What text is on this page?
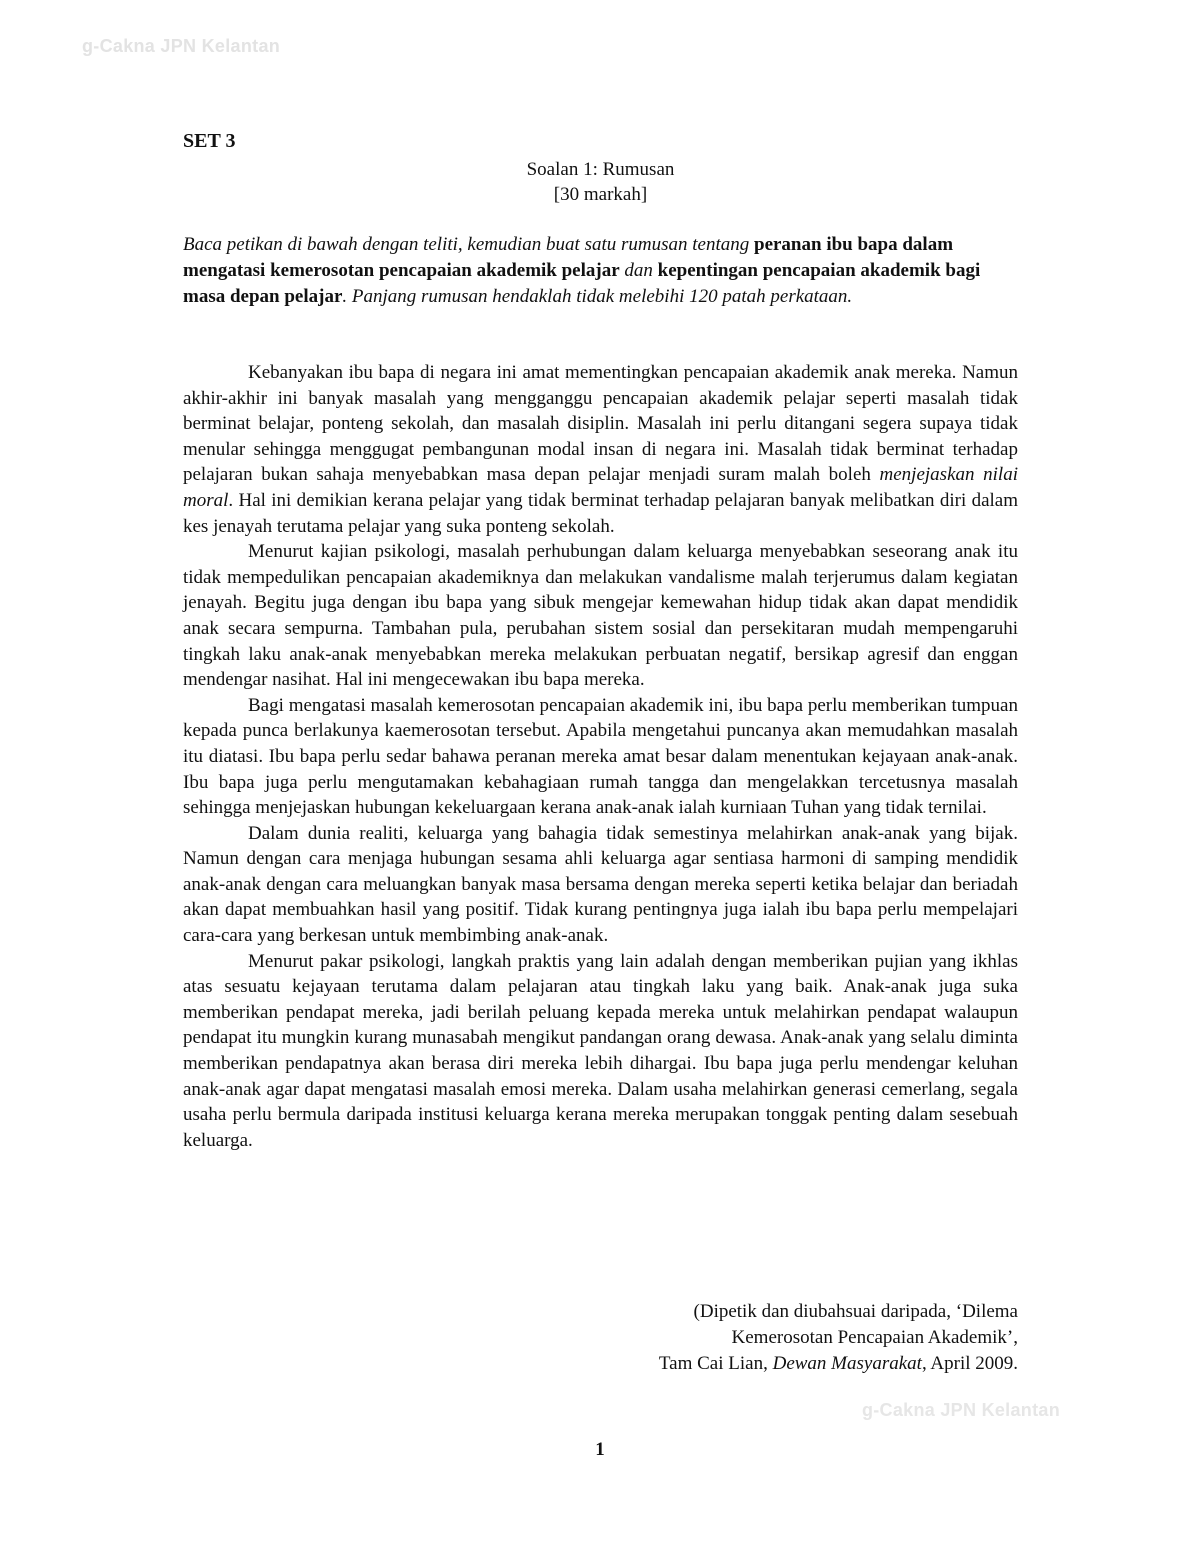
g-Cakna JPN Kelantan
SET 3
Soalan 1: Rumusan
[30 markah]
Baca petikan di bawah dengan teliti, kemudian buat satu rumusan tentang peranan ibu bapa dalam mengatasi kemerosotan pencapaian akademik pelajar dan kepentingan pencapaian akademik bagi masa depan pelajar. Panjang rumusan hendaklah tidak melebihi 120 patah perkataan.

Kebanyakan ibu bapa di negara ini amat mementingkan pencapaian akademik anak mereka. Namun akhir-akhir ini banyak masalah yang mengganggu pencapaian akademik pelajar seperti masalah tidak berminat belajar, ponteng sekolah, dan masalah disiplin. Masalah ini perlu ditangani segera supaya tidak menular sehingga menggugat pembangunan modal insan di negara ini. Masalah tidak berminat terhadap pelajaran bukan sahaja menyebabkan masa depan pelajar menjadi suram malah boleh menjejaskan nilai moral. Hal ini demikian kerana pelajar yang tidak berminat terhadap pelajaran banyak melibatkan diri dalam kes jenayah terutama pelajar yang suka ponteng sekolah.

Menurut kajian psikologi, masalah perhubungan dalam keluarga menyebabkan seseorang anak itu tidak mempedulikan pencapaian akademiknya dan melakukan vandalisme malah terjerumus dalam kegiatan jenayah. Begitu juga dengan ibu bapa yang sibuk mengejar kemewahan hidup tidak akan dapat mendidik anak secara sempurna. Tambahan pula, perubahan sistem sosial dan persekitaran mudah mempengaruhi tingkah laku anak-anak menyebabkan mereka melakukan perbuatan negatif, bersikap agresif dan enggan mendengar nasihat. Hal ini mengecewakan ibu bapa mereka.

Bagi mengatasi masalah kemerosotan pencapaian akademik ini, ibu bapa perlu memberikan tumpuan kepada punca berlakunya kaemerosotan tersebut. Apabila mengetahui puncanya akan memudahkan masalah itu diatasi. Ibu bapa perlu sedar bahawa peranan mereka amat besar dalam menentukan kejayaan anak-anak. Ibu bapa juga perlu mengutamakan kebahagiaan rumah tangga dan mengelakkan tercetusnya masalah sehingga menjejaskan hubungan kekeluargaan kerana anak-anak ialah kurniaan Tuhan yang tidak ternilai.

Dalam dunia realiti, keluarga yang bahagia tidak semestinya melahirkan anak-anak yang bijak. Namun dengan cara menjaga hubungan sesama ahli keluarga agar sentiasa harmoni di samping mendidik anak-anak dengan cara meluangkan banyak masa bersama dengan mereka seperti ketika belajar dan beriadah akan dapat membuahkan hasil yang positif. Tidak kurang pentingnya juga ialah ibu bapa perlu mempelajari cara-cara yang berkesan untuk membimbing anak-anak.

Menurut pakar psikologi, langkah praktis yang lain adalah dengan memberikan pujian yang ikhlas atas sesuatu kejayaan terutama dalam pelajaran atau tingkah laku yang baik. Anak-anak juga suka memberikan pendapat mereka, jadi berilah peluang kepada mereka untuk melahirkan pendapat walaupun pendapat itu mungkin kurang munasabah mengikut pandangan orang dewasa. Anak-anak yang selalu diminta memberikan pendapatnya akan berasa diri mereka lebih dihargai. Ibu bapa juga perlu mendengar keluhan anak-anak agar dapat mengatasi masalah emosi mereka. Dalam usaha melahirkan generasi cemerlang, segala usaha perlu bermula daripada institusi keluarga kerana mereka merupakan tonggak penting dalam sesebuah keluarga.

(Dipetik dan diubahsuai daripada, ‘Dilema
Kemerosotan Pencapaian Akademik’,
Tam Cai Lian, Dewan Masyarakat, April 2009.
g-Cakna JPN Kelantan
1
